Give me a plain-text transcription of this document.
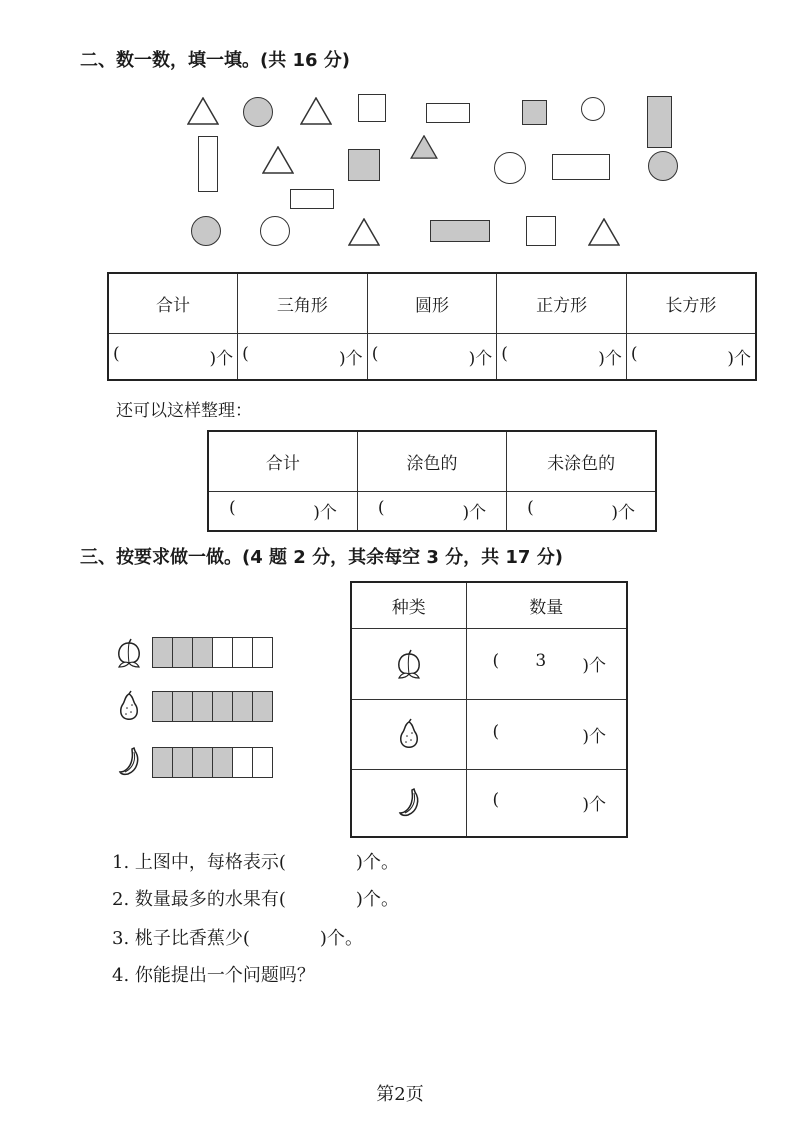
二、数一数，填一填。(共 16 分)
合计	三角形	圆形	正方形	长方形

( )个	( )个	( )个	( )个	( )个
还可以这样整理：
合计	涂色的	未涂色的

( )个	( )个	( )个
三、按要求做一做。(4 题 2 分，其余每空 3 分，共 17 分)
种类	数量

( 3 )个

( )个

( )个
1. 上图中，每格表示(	)个。
2. 数量最多的水果有(	)个。
3. 桃子比香蕉少(	)个。
4. 你能提出一个问题吗？
第2页
